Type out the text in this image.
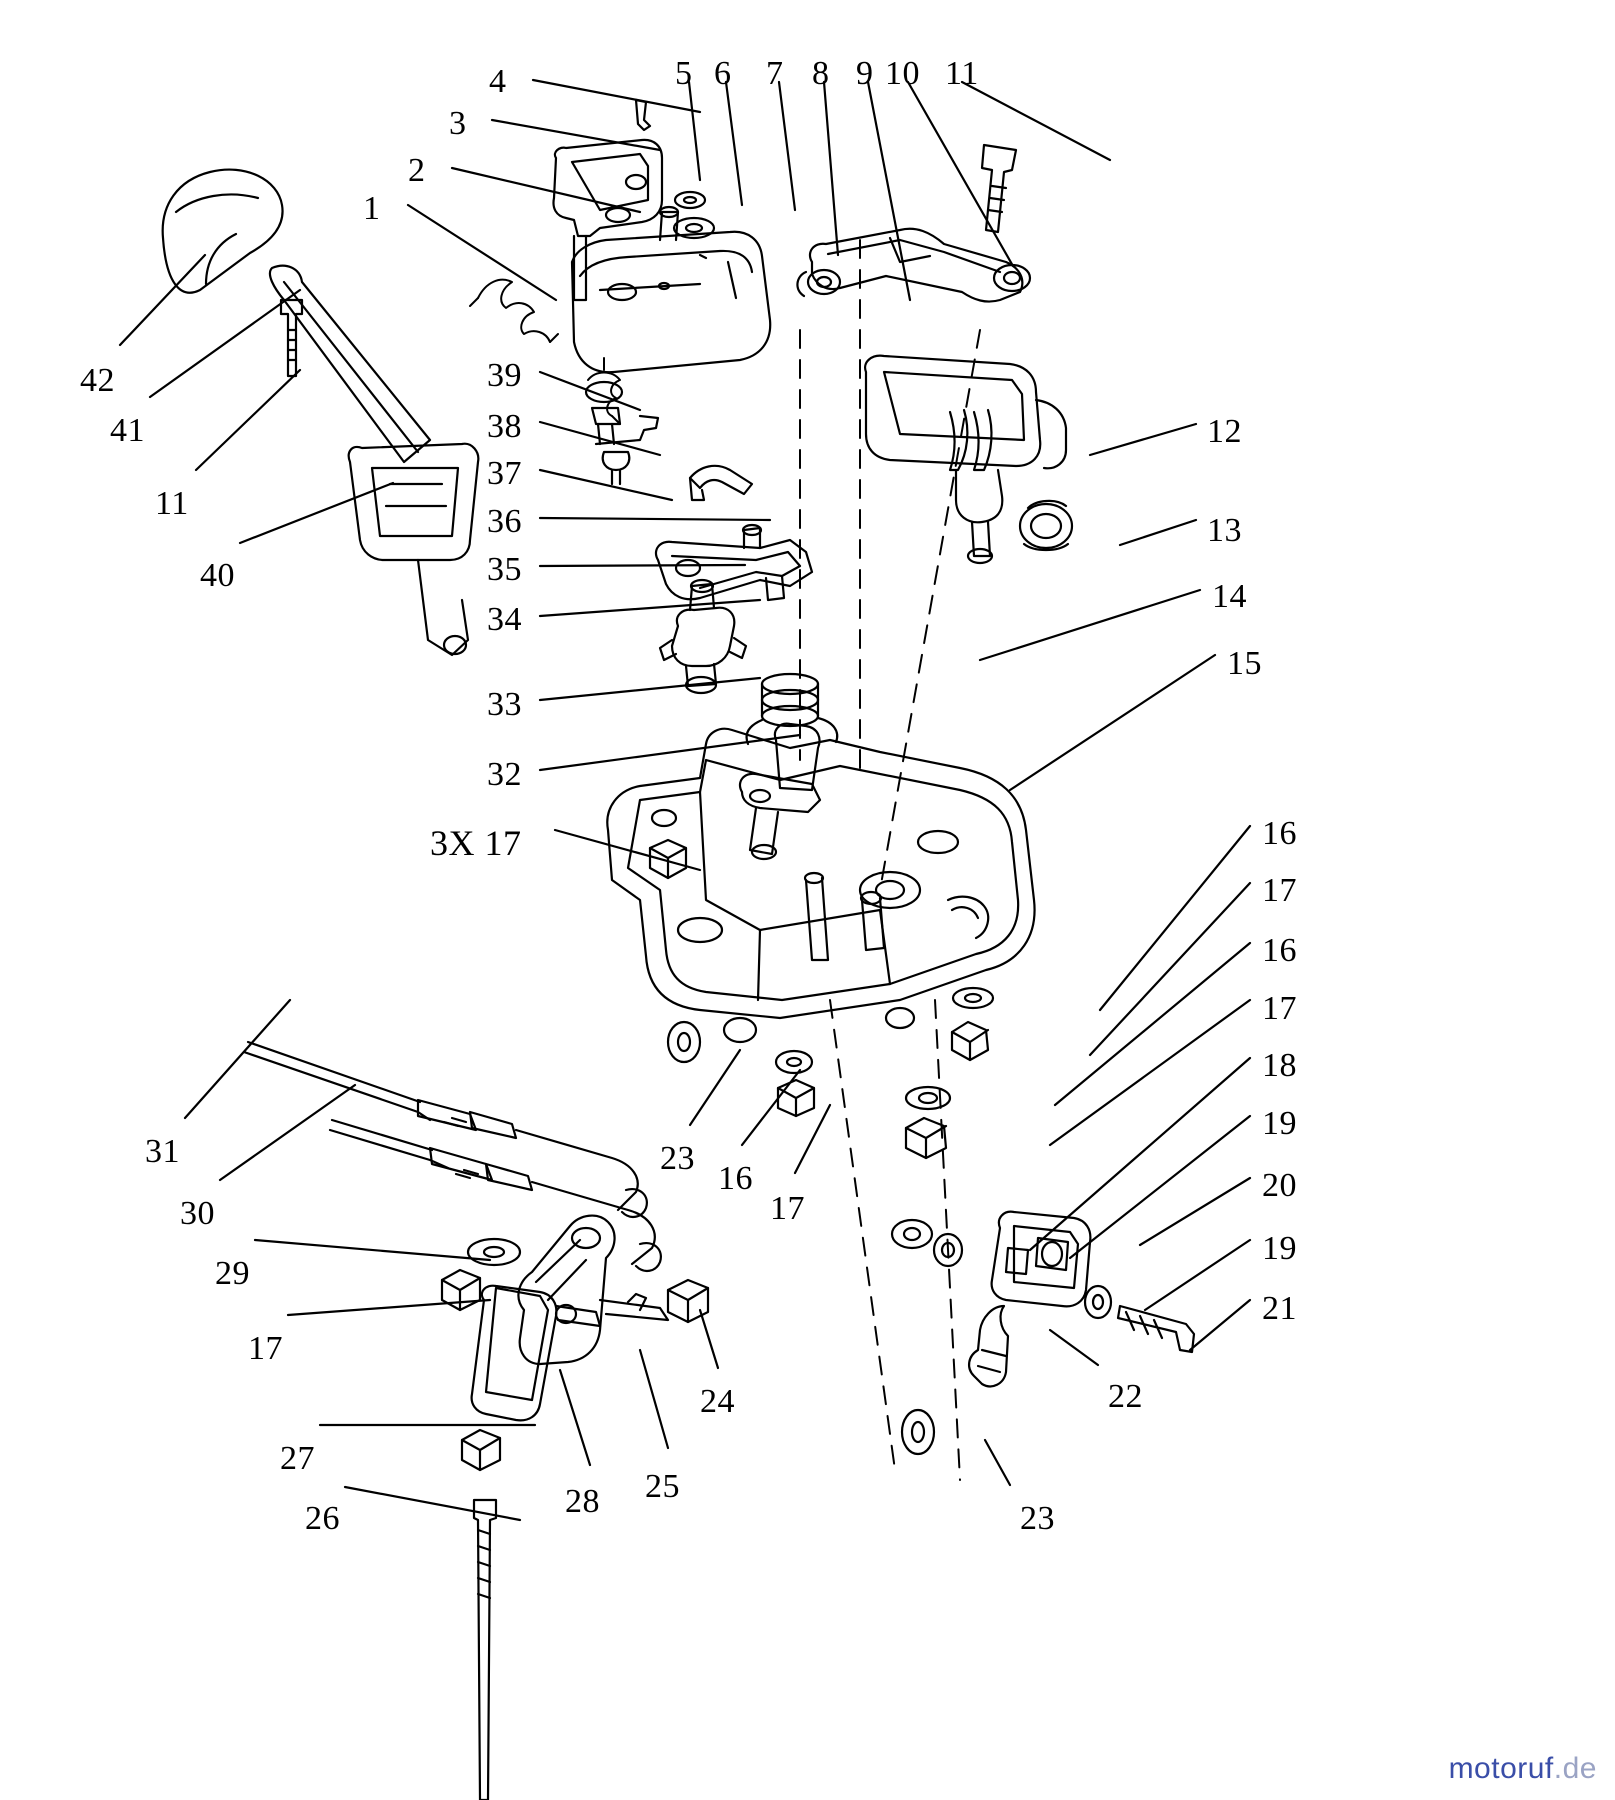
4	5 6 7 8 9 10 11
3
2
1
42
41
11
40
39
38
37
36
35
34
33
32
12
13
14
15
16
17
16
17
18
19
20
19
21
3X 17
31
30
29
17
27
26	28 25
24
23
16
17
22
23
motoruf.de
